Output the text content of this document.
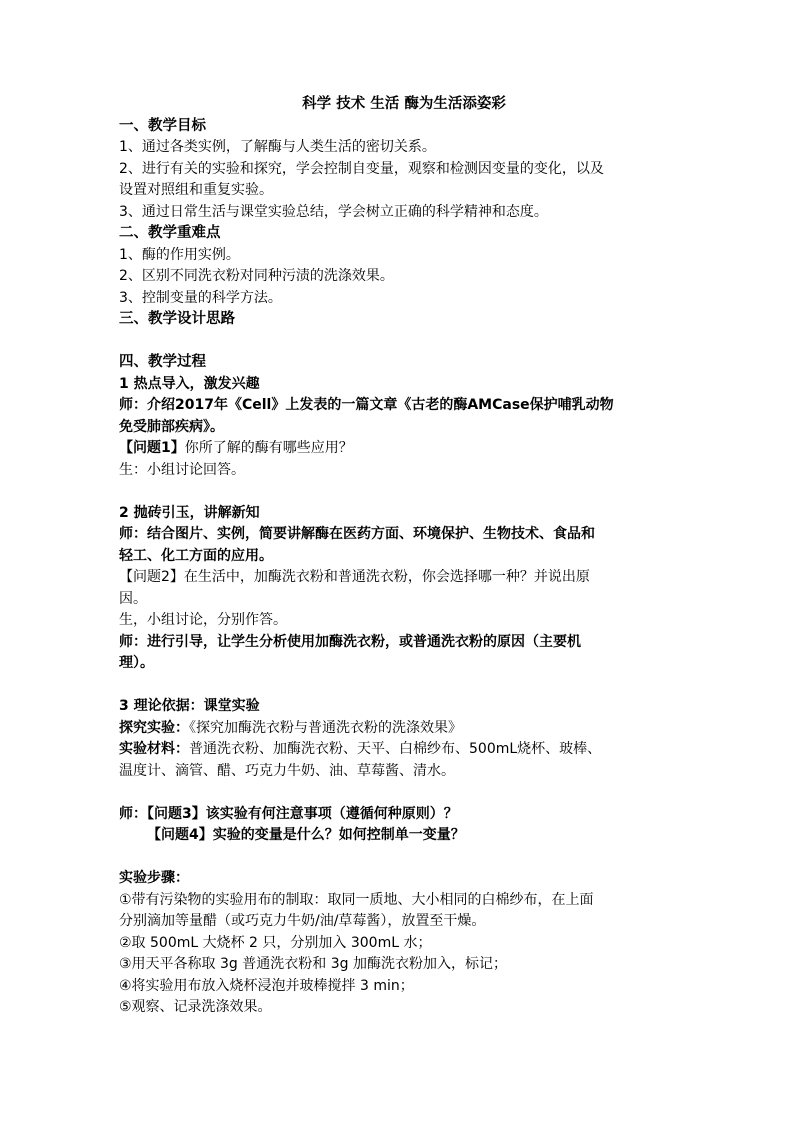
科学 技术 生活 酶为生活添姿彩
一、教学目标
1、通过各类实例，了解酶与人类生活的密切关系。
2、进行有关的实验和探究，学会控制自变量，观察和检测因变量的变化，以及
设置对照组和重复实验。
3、通过日常生活与课堂实验总结，学会树立正确的科学精神和态度。
二、教学重难点
1、酶的作用实例。
2、区别不同洗衣粉对同种污渍的洗涤效果。
3、控制变量的科学方法。
三、教学设计思路
四、教学过程
1 热点导入，激发兴趣
师：介绍2017年《Cell》上发表的一篇文章《古老的酶AMCase保护哺乳动物
免受肺部疾病》。
【问题1】你所了解的酶有哪些应用？
生：小组讨论回答。
2 抛砖引玉，讲解新知
师：结合图片、实例，简要讲解酶在医药方面、环境保护、生物技术、食品和
轻工、化工方面的应用。
【问题2】在生活中，加酶洗衣粉和普通洗衣粉，你会选择哪一种？并说出原
因。
生，小组讨论，分别作答。
师：进行引导，让学生分析使用加酶洗衣粉，或普通洗衣粉的原因（主要机
理）。
3 理论依据：课堂实验
探究实验：《探究加酶洗衣粉与普通洗衣粉的洗涤效果》
实验材料：普通洗衣粉、加酶洗衣粉、天平、白棉纱布、500mL烧杯、玻棒、
温度计、滴管、醋、巧克力牛奶、油、草莓酱、清水。
师：【问题3】该实验有何注意事项（遵循何种原则）？
【问题4】实验的变量是什么？如何控制单一变量？
实验步骤：
①带有污染物的实验用布的制取：取同一质地、大小相同的白棉纱布，在上面
分别滴加等量醋（或巧克力牛奶/油/草莓酱），放置至干燥。
②取 500mL 大烧杯 2 只，分别加入 300mL 水；
③用天平各称取 3g 普通洗衣粉和 3g 加酶洗衣粉加入，标记；
④将实验用布放入烧杯浸泡并玻棒搅拌 3 min；
⑤观察、记录洗涤效果。
